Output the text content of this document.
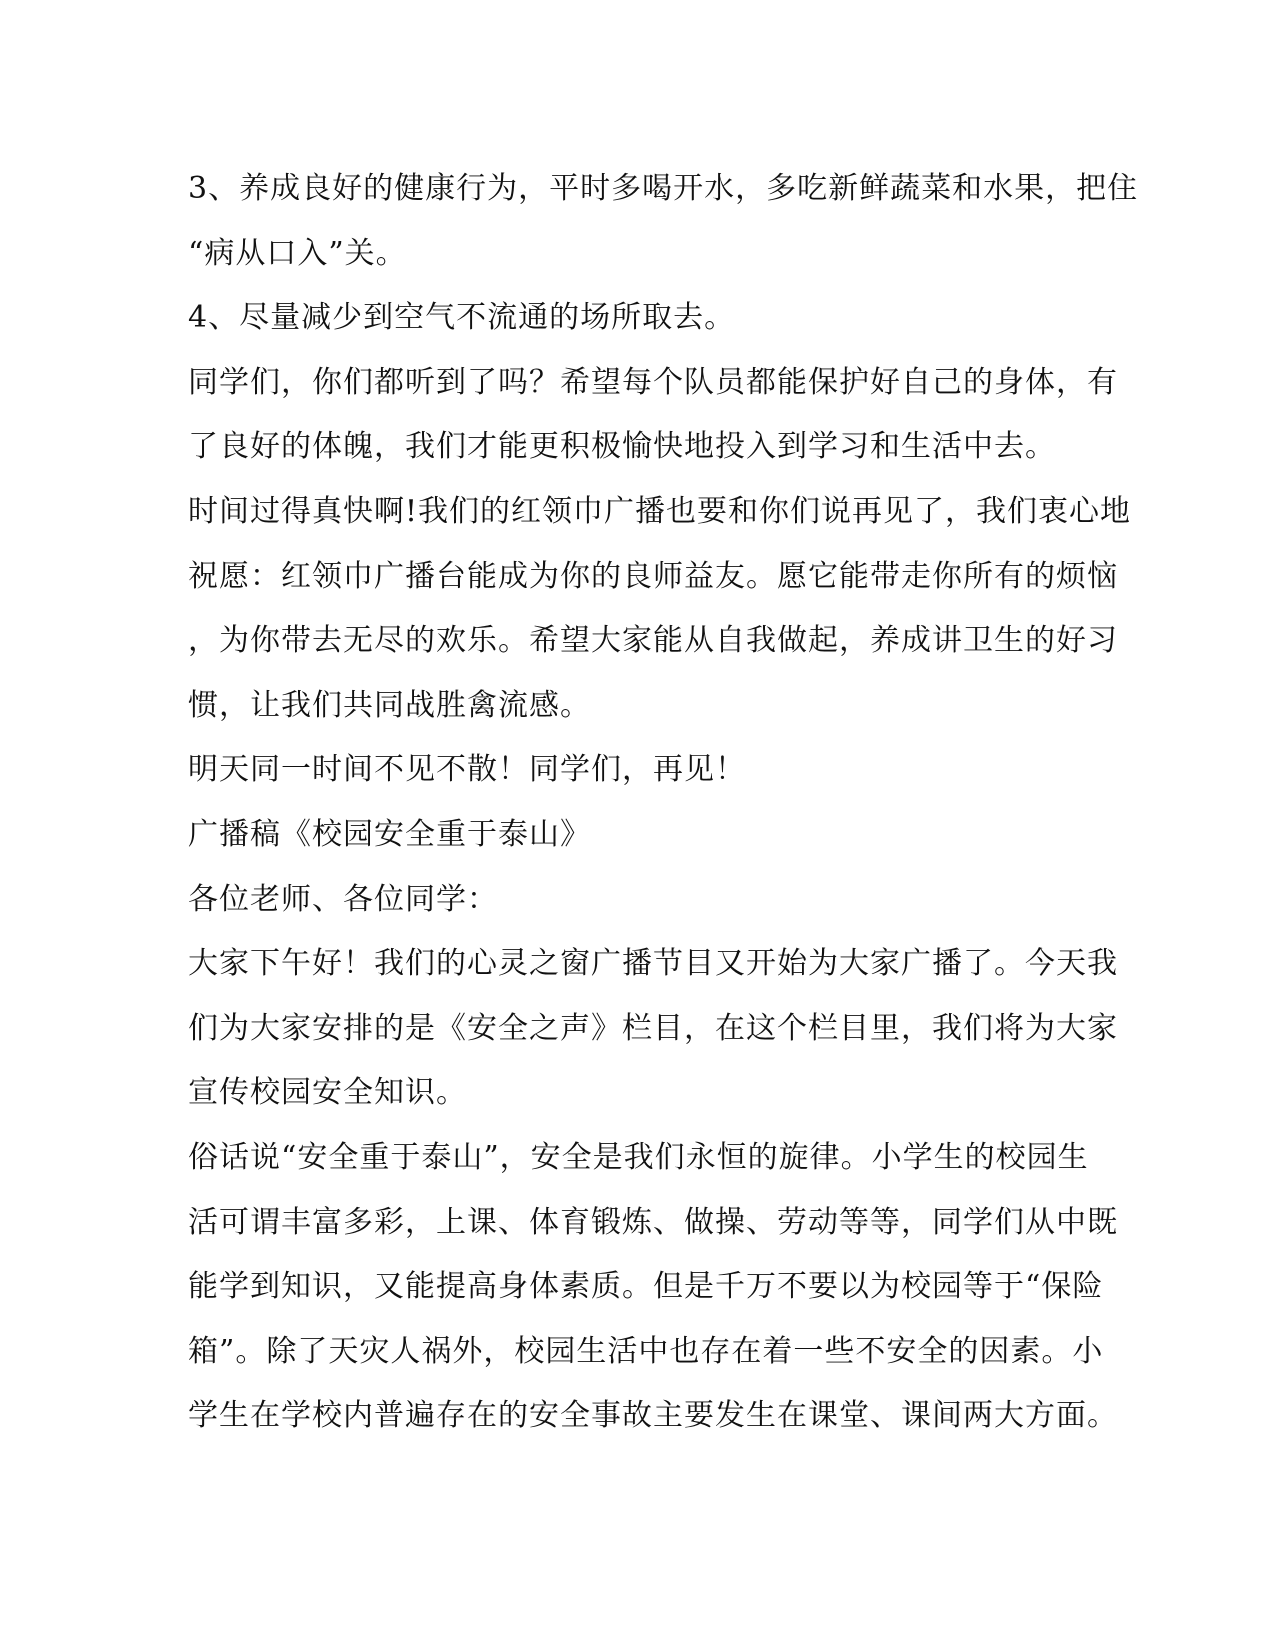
3、养成良好的健康行为，平时多喝开水，多吃新鲜蔬菜和水果，把住
“病从口入”关。
4、尽量减少到空气不流通的场所取去。
同学们，你们都听到了吗？希望每个队员都能保护好自己的身体，有
了良好的体魄，我们才能更积极愉快地投入到学习和生活中去。
时间过得真快啊!我们的红领巾广播也要和你们说再见了，我们衷心地
祝愿：红领巾广播台能成为你的良师益友。愿它能带走你所有的烦恼
，为你带去无尽的欢乐。希望大家能从自我做起，养成讲卫生的好习
惯，让我们共同战胜禽流感。
明天同一时间不见不散！同学们，再见！
广播稿《校园安全重于泰山》
各位老师、各位同学：
大家下午好！我们的心灵之窗广播节目又开始为大家广播了。今天我
们为大家安排的是《安全之声》栏目，在这个栏目里，我们将为大家
宣传校园安全知识。
俗话说“安全重于泰山”，安全是我们永恒的旋律。小学生的校园生
活可谓丰富多彩，上课、体育锻炼、做操、劳动等等，同学们从中既
能学到知识，又能提高身体素质。但是千万不要以为校园等于“保险
箱”。除了天灾人祸外，校园生活中也存在着一些不安全的因素。小
学生在学校内普遍存在的安全事故主要发生在课堂、课间两大方面。
